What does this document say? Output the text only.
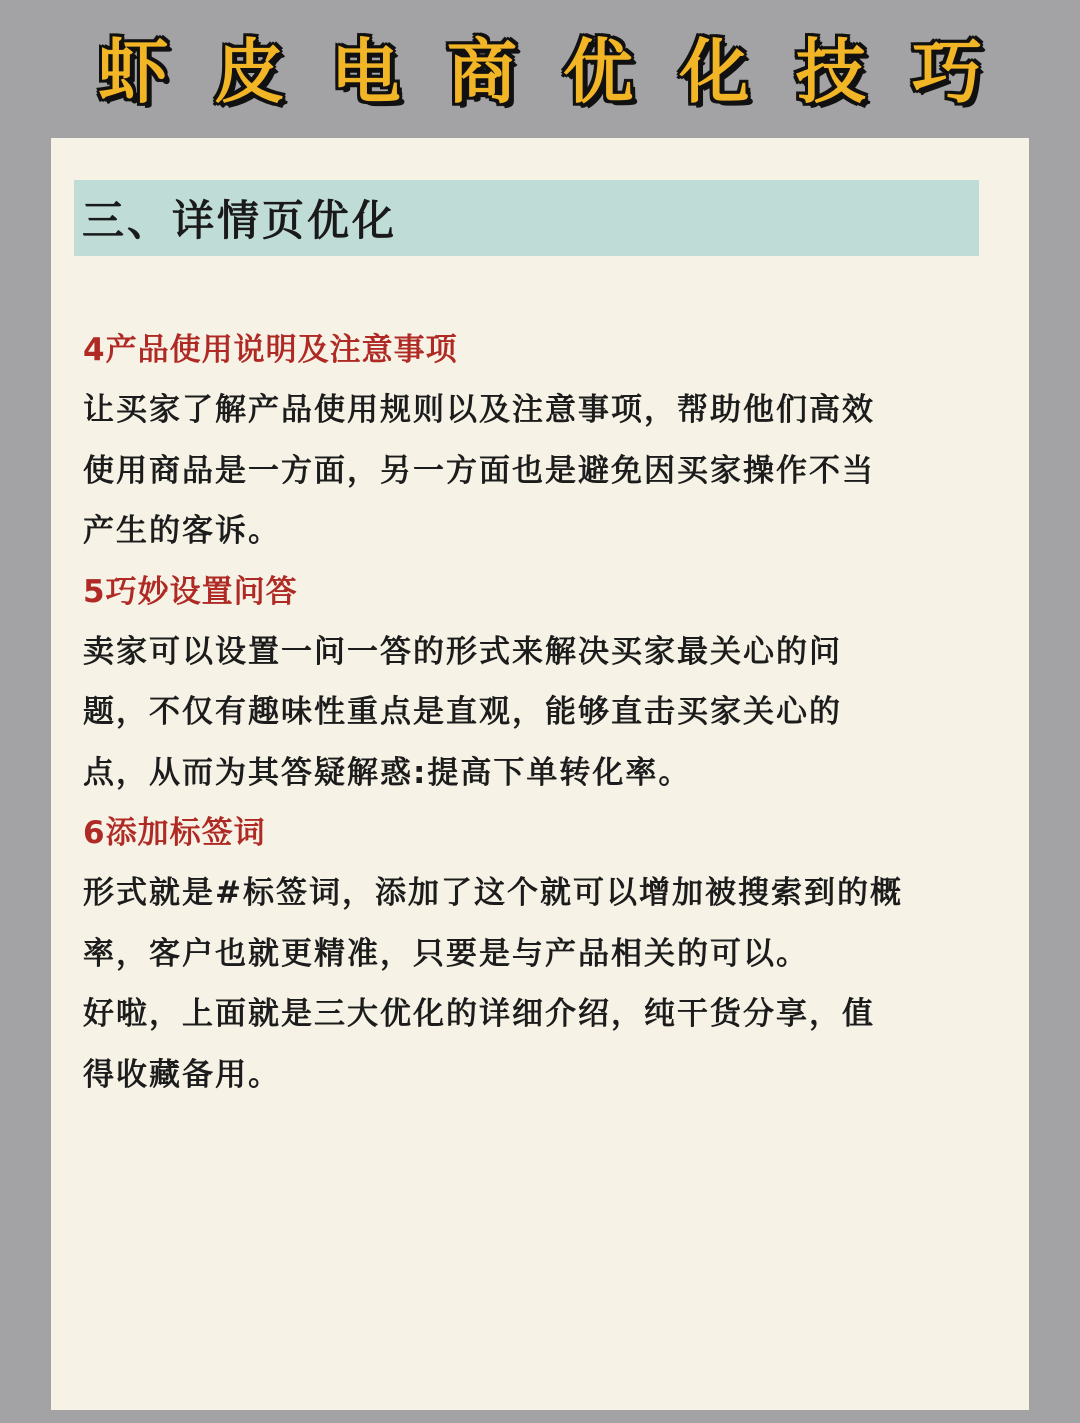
虾 皮 电 商 优 化 技 巧
三、详情页优化
4产品使用说明及注意事项

让买家了解产品使用规则以及注意事项，帮助他们高效
使用商品是一方面，另一方面也是避免因买家操作不当
产生的客诉。

5巧妙设置问答

卖家可以设置一问一答的形式来解决买家最关心的问
题，不仅有趣味性重点是直观，能够直击买家关心的
点，从而为其答疑解惑:提高下单转化率。

6添加标签词

形式就是#标签词，添加了这个就可以增加被搜索到的概
率，客户也就更精准，只要是与产品相关的可以。

好啦，上面就是三大优化的详细介绍，纯干货分享，值
得收藏备用。
